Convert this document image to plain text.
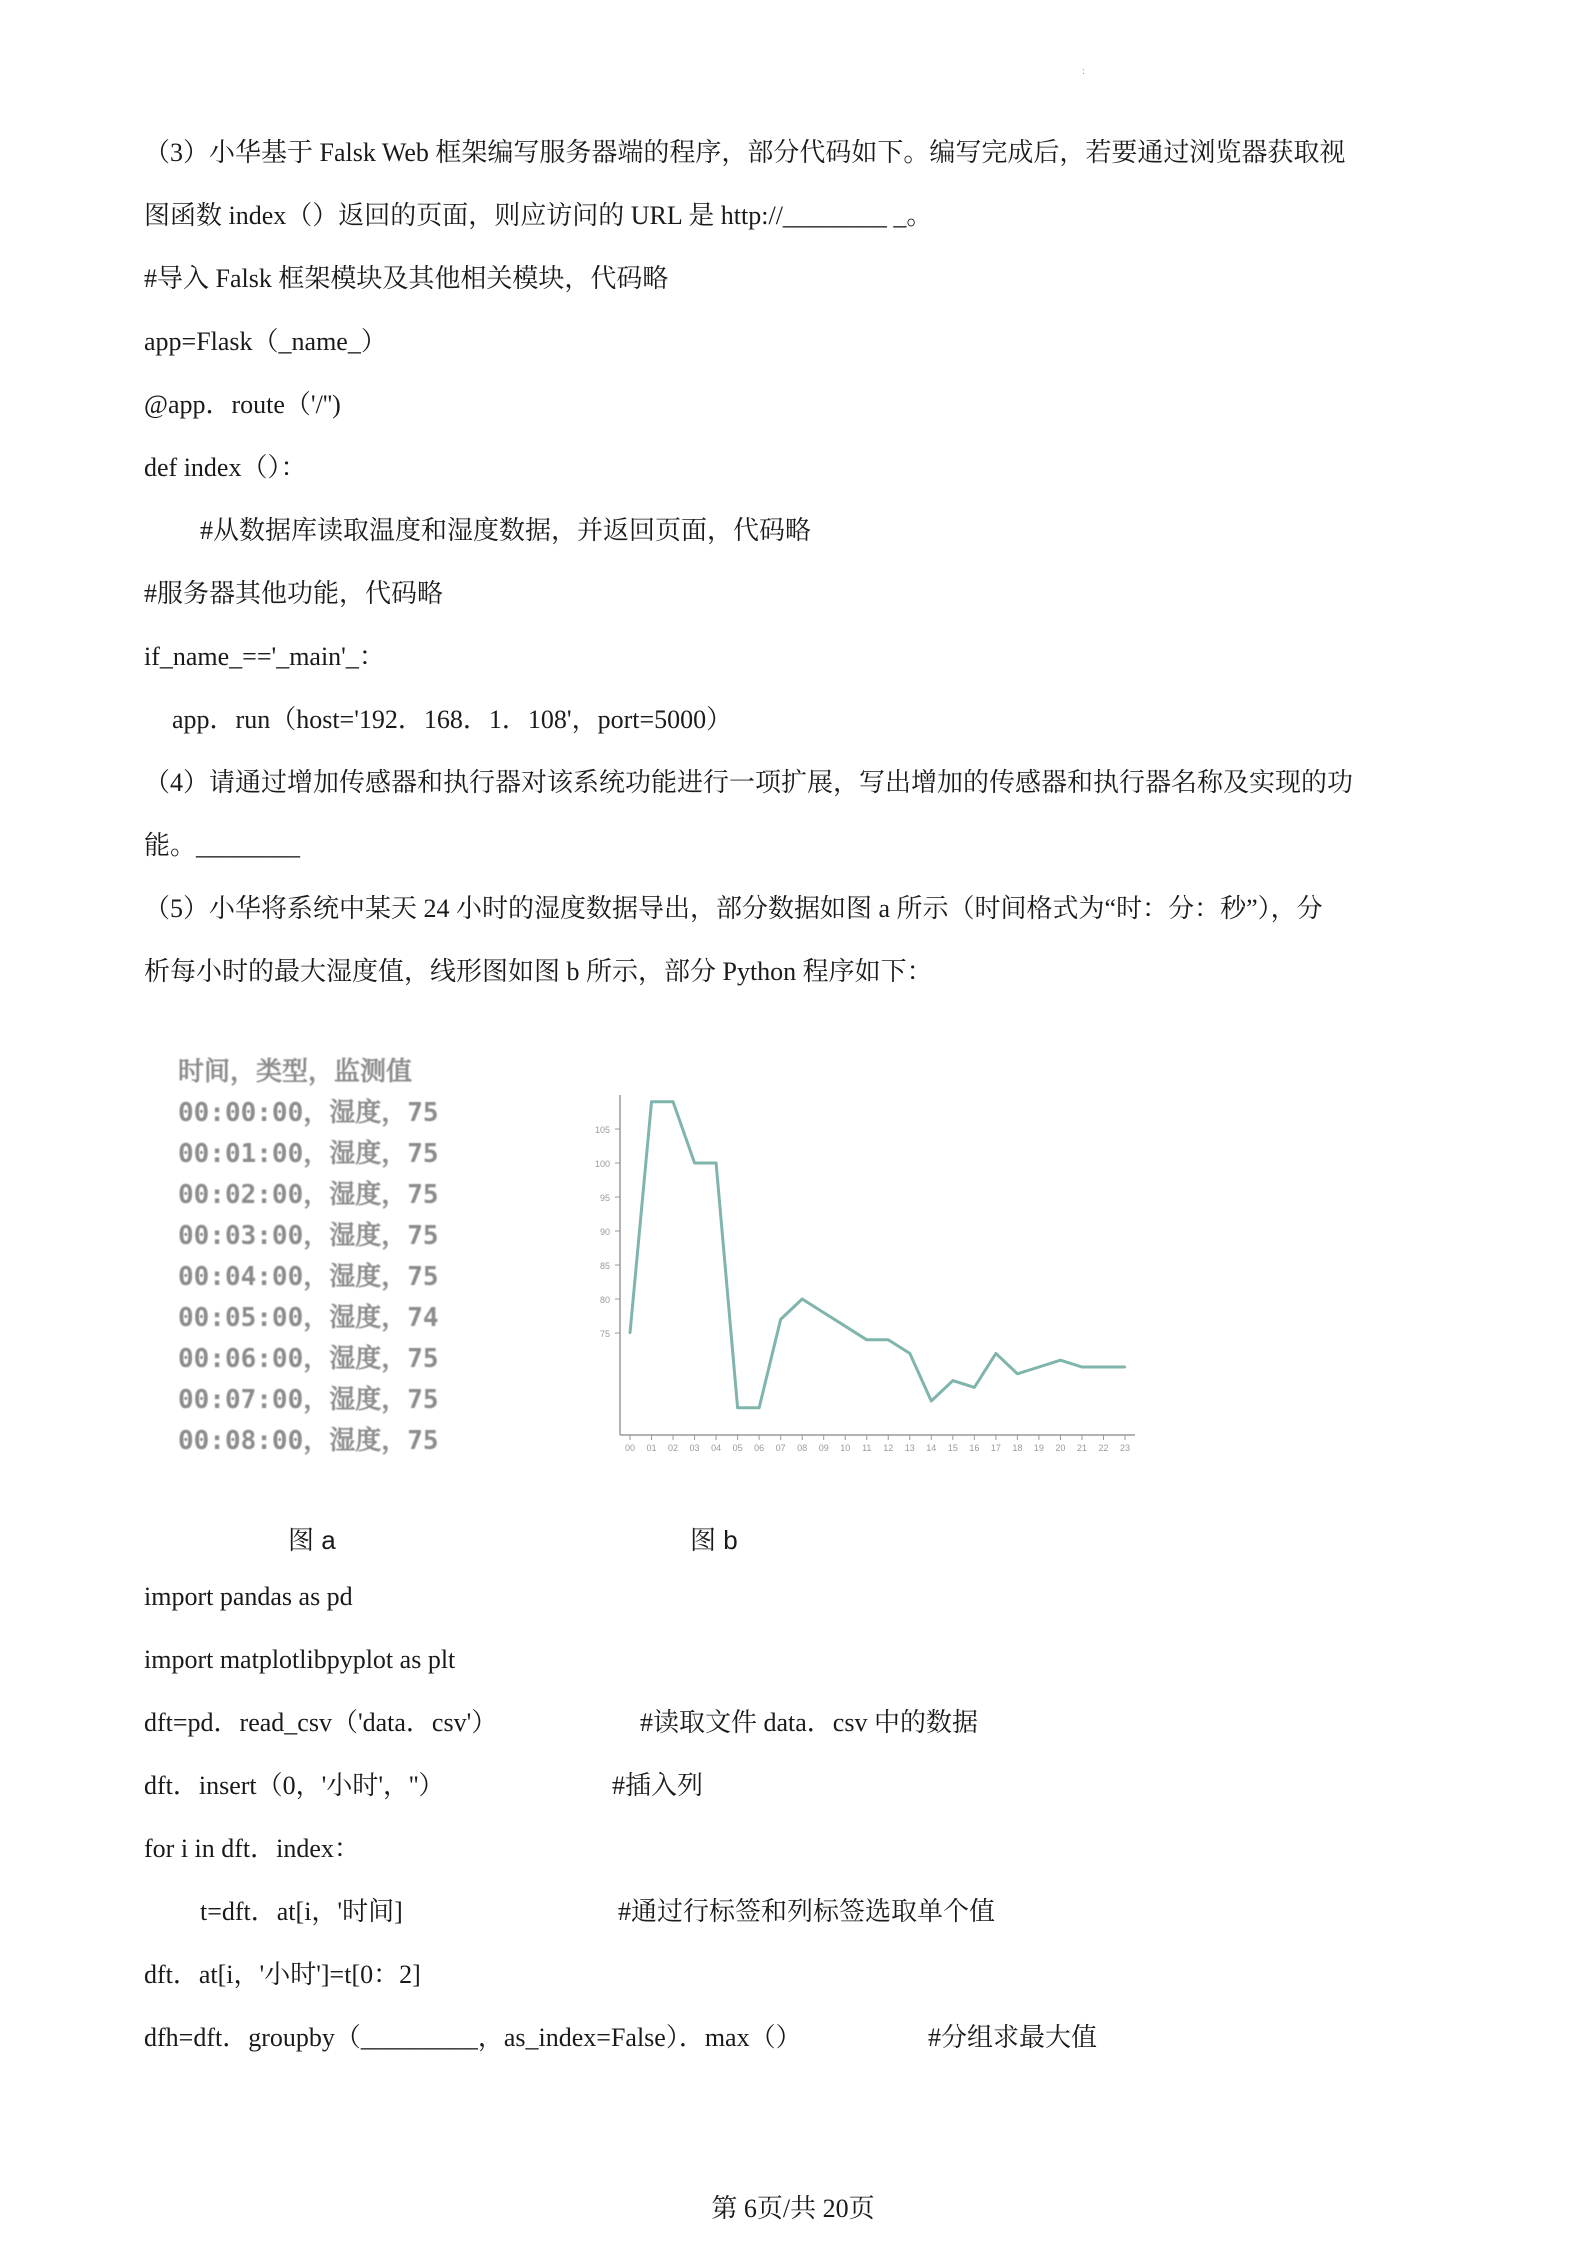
:
（3）小华基于 Falsk Web 框架编写服务器端的程序，部分代码如下。编写完成后，若要通过浏览器获取视
图函数 index（）返回的页面，则应访问的 URL 是 http://________ _。
#导入 Falsk 框架模块及其他相关模块，代码略
app=Flask（_name_）
@app．route（'/'')
def index（）：
#从数据库读取温度和湿度数据，并返回页面，代码略
#服务器其他功能，代码略
if_name_=='_main'_：
app．run（host='192．168．1．108'，port=5000）
（4）请通过增加传感器和执行器对该系统功能进行一项扩展，写出增加的传感器和执行器名称及实现的功
能。________
（5）小华将系统中某天 24 小时的湿度数据导出，部分数据如图 a 所示（时间格式为“时：分：秒”），分
析每小时的最大湿度值，线形图如图 b 所示，部分 Python 程序如下：
时间，类型，监测值
00:00:00，湿度，75
00:01:00，湿度，75
00:02:00，湿度，75
00:03:00，湿度，75
00:04:00，湿度，75
00:05:00，湿度，74
00:06:00，湿度，75
00:07:00，湿度，75
00:08:00，湿度，75
75
80
85
90
95
100
105
00 01 02 03 04 05 06 07 08 09 10 11 12 13 14 15 16 17 18 19 20 21 22 23
图 a	图 b
import pandas as pd
import matplotlibpyplot as plt
dft=pd．read_csv（'data．csv'）	#读取文件 data．csv 中的数据
dft．insert（0，'小时'，''）	#插入列
for i in dft．index：
t=dft．at[i，'时间]	#通过行标签和列标签选取单个值
dft．at[i，'小时']=t[0：2]
dfh=dft．groupby（_________，as_index=False）．max（）	#分组求最大值
第 6页/共 20页
